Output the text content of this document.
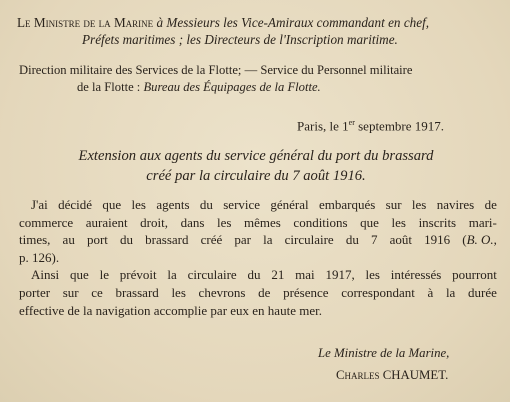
Le Ministre de la Marine à Messieurs les Vice-Amiraux commandant en chef,
Préfets maritimes ; les Directeurs de l'Inscription maritime.
Direction militaire des Services de la Flotte; — Service du Personnel militaire
de la Flotte : Bureau des Équipages de la Flotte.
Paris, le 1er septembre 1917.
Extension aux agents du service général du port du brassard
créé par la circulaire du 7 août 1916.
J'ai décidé que les agents du service général embarqués sur les navires de
commerce auraient droit, dans les mêmes conditions que les inscrits mari-
times, au port du brassard créé par la circulaire du 7 août 1916 (B. O.,
p. 126).
Ainsi que le prévoit la circulaire du 21 mai 1917, les intéressés pourront
porter sur ce brassard les chevrons de présence correspondant à la durée
effective de la navigation accomplie par eux en haute mer.
Le Ministre de la Marine,
Charles CHAUMET.
